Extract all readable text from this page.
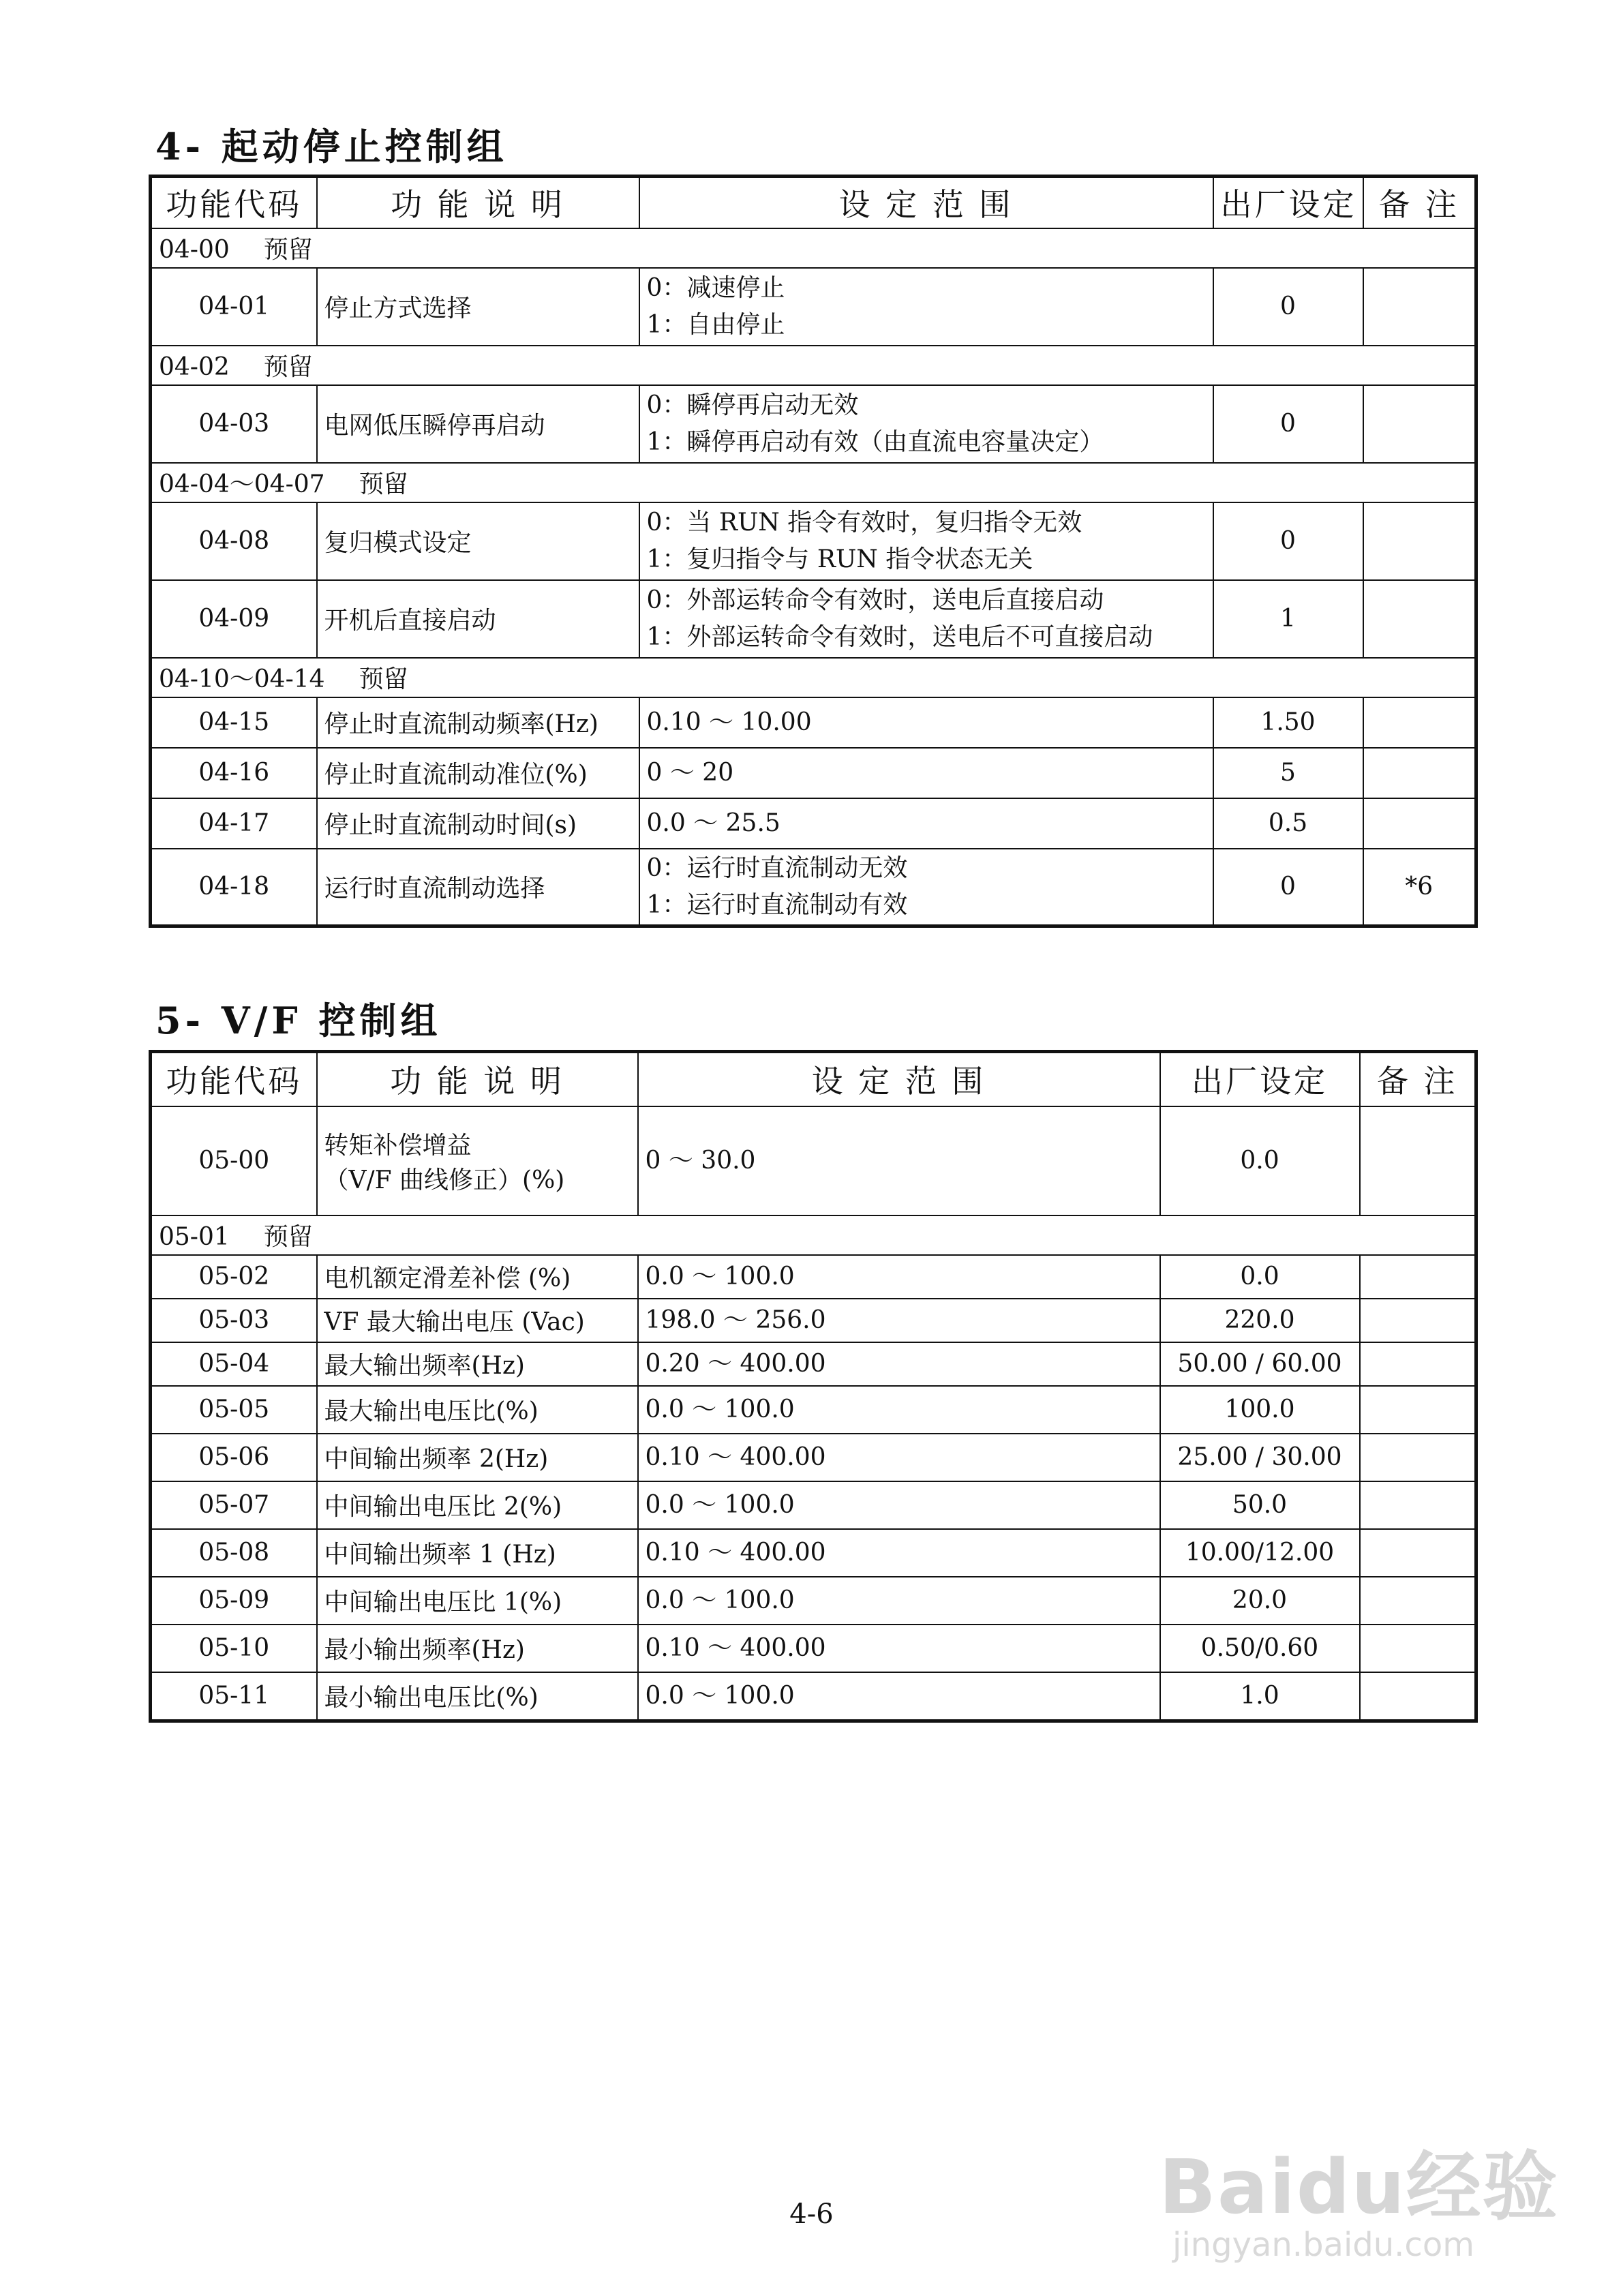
4- 起动停止控制组
功能代码	功 能 说 明	设 定 范 围	出厂设定	备 注
04-00 预留				
04-01	停止方式选择	0：减速停止
1：自由停止	0	
04-02 预留				
04-03	电网低压瞬停再启动	0：瞬停再启动无效
1：瞬停再启动有效（由直流电容量决定）	0	
04-04～04-07 预留				
04-08	复归模式设定	0：当 RUN 指令有效时，复归指令无效
1：复归指令与 RUN 指令状态无关	0	
04-09	开机后直接启动	0：外部运转命令有效时，送电后直接启动
1：外部运转命令有效时，送电后不可直接启动	1	
04-10～04-14 预留				
04-15	停止时直流制动频率(Hz)	0.10 ～ 10.00	1.50	
04-16	停止时直流制动准位(%)	0 ～ 20	5	
04-17	停止时直流制动时间(s)	0.0 ～ 25.5	0.5	
04-18	运行时直流制动选择	0：运行时直流制动无效
1：运行时直流制动有效	0	*6
5- V/F 控制组
功能代码	功 能 说 明	设 定 范 围	出厂设定	备 注
05-00	转矩补偿增益
（V/F 曲线修正）(%)	0 ～ 30.0	0.0	
05-01 预留				
05-02	电机额定滑差补偿 (%)	0.0 ～ 100.0	0.0	
05-03	VF 最大输出电压 (Vac)	198.0 ～ 256.0	220.0	
05-04	最大输出频率(Hz)	0.20 ～ 400.00	50.00 / 60.00	
05-05	最大输出电压比(%)	0.0 ～ 100.0	100.0	
05-06	中间输出频率 2(Hz)	0.10 ～ 400.00	25.00 / 30.00	
05-07	中间输出电压比 2(%)	0.0 ～ 100.0	50.0	
05-08	中间输出频率 1 (Hz)	0.10 ～ 400.00	10.00/12.00	
05-09	中间输出电压比 1(%)	0.0 ～ 100.0	20.0	
05-10	最小输出频率(Hz)	0.10 ～ 400.00	0.50/0.60	
05-11	最小输出电压比(%)	0.0 ～ 100.0	1.0	
4-6	Baidu经验
jingyan.baidu.com
